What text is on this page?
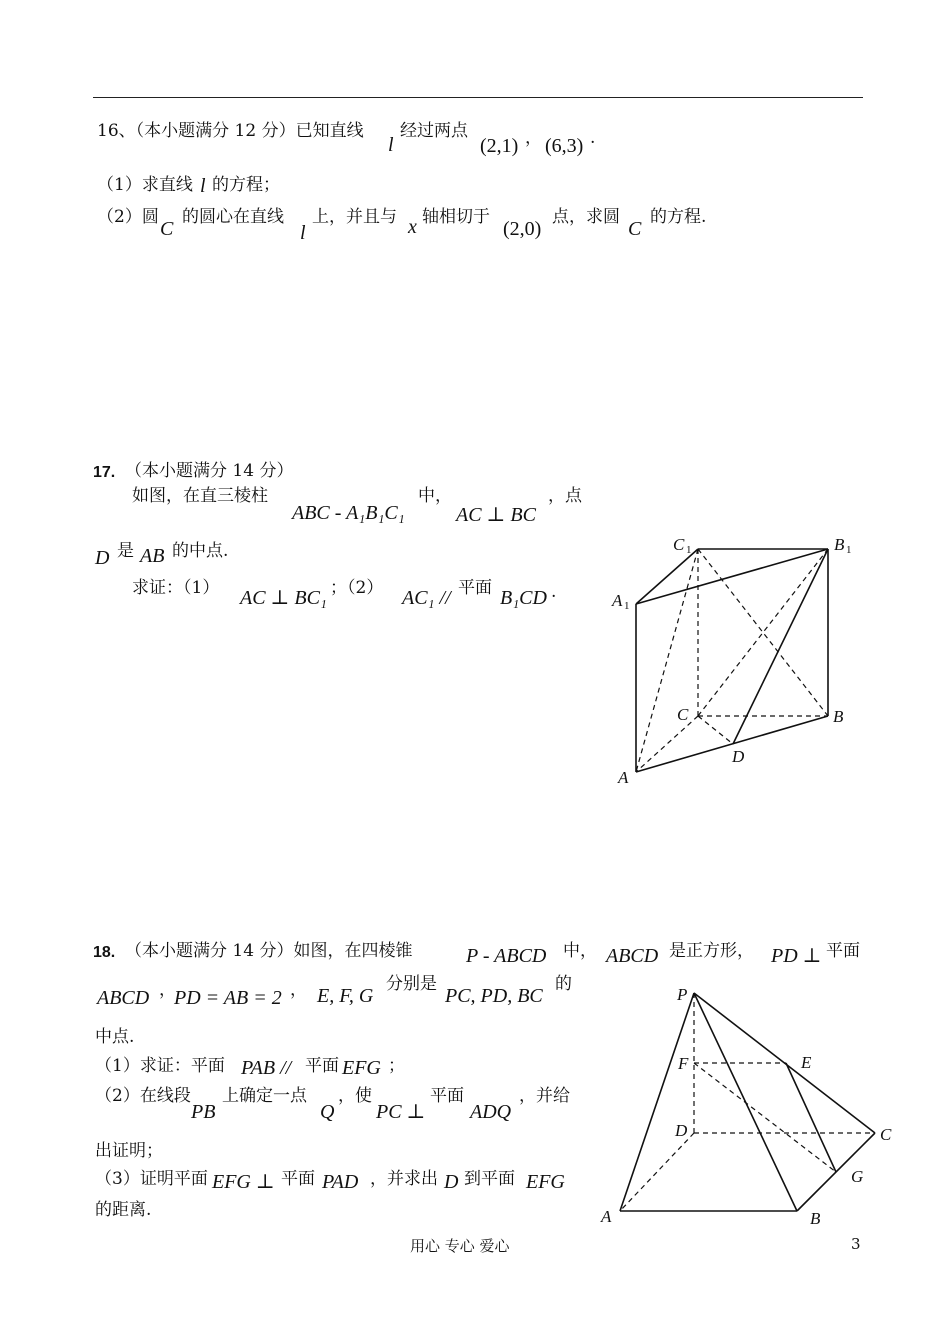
16、（本小题满分 12 分）已知直线
l
经过两点
(2,1) ， (6,3) .
（1）求直线 l 的方程；
（2）圆
C
的圆心在直线
l
上，并且与 x 轴相切于
(2,0)
点，求圆
C
的方程.
17. （本小题满分 14 分）
如图，在直三棱柱
ABC - A₁B₁C₁
中，
AC ⊥ BC
，点
D 是 AB 的中点.
求证：（1） AC ⊥ BC₁ ；（2） AC₁ // 平面 B₁CD .
C 1	B 1
A 1
C	B
D
A
18. （本小题满分 14 分）如图，在四棱锥	P - ABCD 中， ABCD 是正方形， PD ⊥ 平面
ABCD ，
PD = AB = 2 ， E, F, G
分别是
PC, PD, BC
的
中点.
（1）求证：平面 PAB // 平面 EFG ；
（2）在线段
PB
上确定一点
Q
，使
PC ⊥
平面
ADQ
，并给
出证明；
（3）证明平面 EFG ⊥ 平面 PAD ，并求出 D 到平面 EFG
的距离.
P
F	E
D	C
G
A	B
用心 专心 爱心	3
